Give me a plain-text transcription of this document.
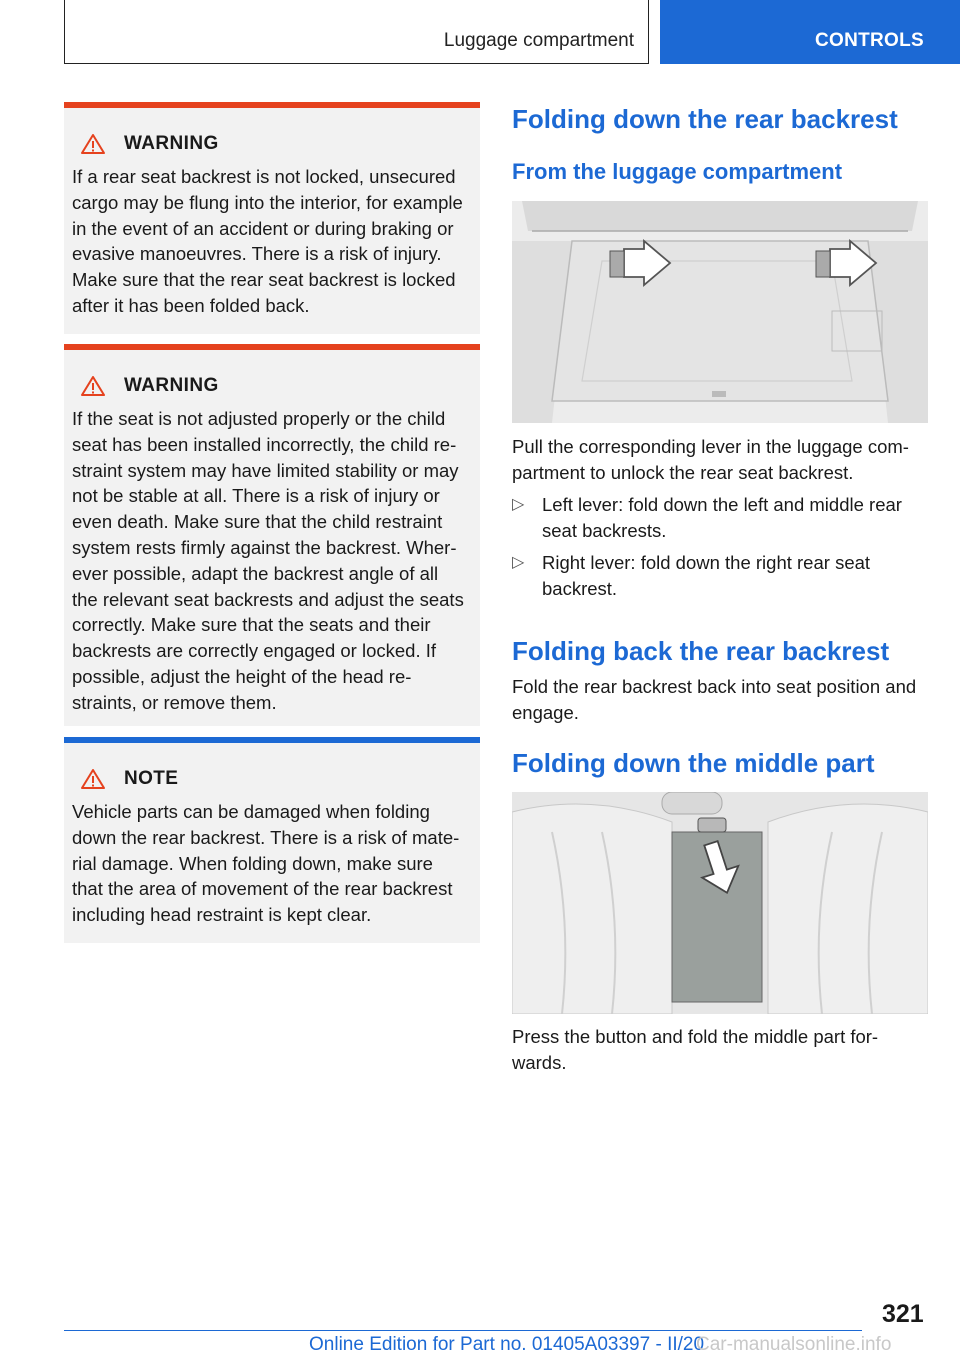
Luggage compartment	CONTROLS
WARNING

If a rear seat backrest is not locked, unsecured
cargo may be flung into the interior, for example
in the event of an accident or during braking or
evasive manoeuvres. There is a risk of injury.
Make sure that the rear seat backrest is locked
after it has been folded back.

WARNING

If the seat is not adjusted properly or the child
seat has been installed incorrectly, the child re‐
straint system may have limited stability or may
not be stable at all. There is a risk of injury or
even death. Make sure that the child restraint
system rests firmly against the backrest. Wher‐
ever possible, adapt the backrest angle of all
the relevant seat backrests and adjust the seats
correctly. Make sure that the seats and their
backrests are correctly engaged or locked. If
possible, adjust the height of the head re‐
straints, or remove them.

NOTE

Vehicle parts can be damaged when folding
down the rear backrest. There is a risk of mate‐
rial damage. When folding down, make sure
that the area of movement of the rear backrest
including head restraint is kept clear.

Folding down the rear backrest
From the luggage compartment

Pull the corresponding lever in the luggage com‐
partment to unlock the rear seat backrest.

▷ Left lever: fold down the left and middle rear
seat backrests.
▷ Right lever: fold down the right rear seat
backrest.
Folding back the rear backrest

Fold the rear backrest back into seat position and
engage.

Folding down the middle part

Press the button and fold the middle part for‐
wards.

321
Online Edition for Part no. 01405A03397 - II/20
Car-manualsonline.info
